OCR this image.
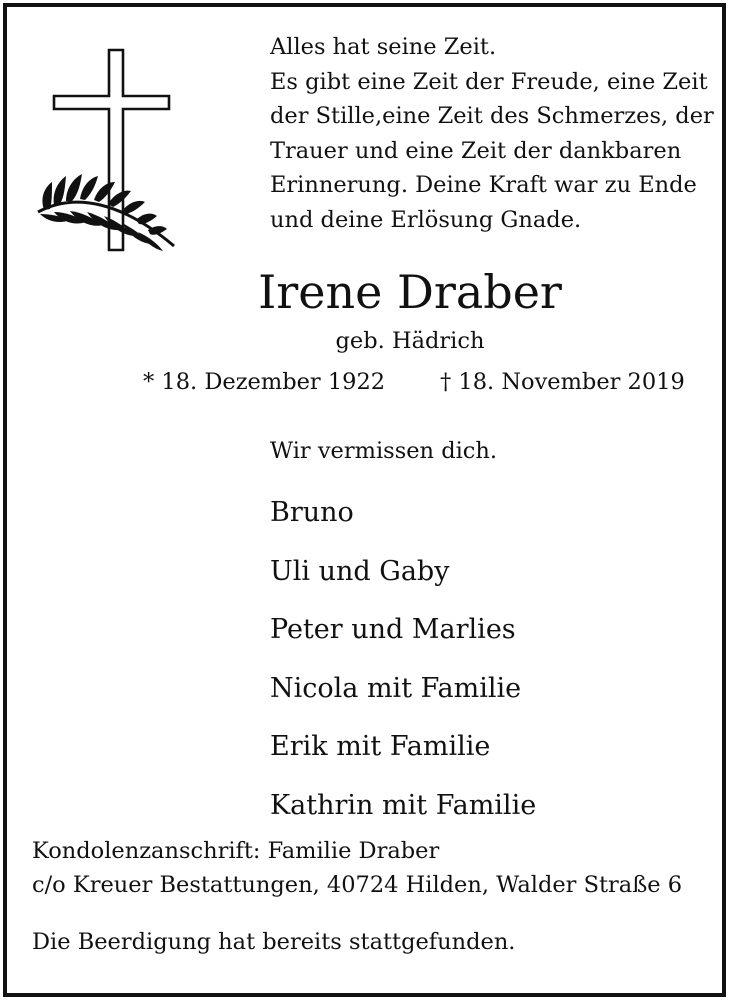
Alles hat seine Zeit.
Es gibt eine Zeit der Freude, eine Zeit
der Stille,eine Zeit des Schmerzes, der
Trauer und eine Zeit der dankbaren
Erinnerung. Deine Kraft war zu Ende
und deine Erlösung Gnade.
Irene Draber
geb. Hädrich
* 18. Dezember 1922 † 18. November 2019
Wir vermissen dich.
Bruno
Uli und Gaby
Peter und Marlies
Nicola mit Familie
Erik mit Familie
Kathrin mit Familie
Kondolenzanschrift: Familie Draber
c/o Kreuer Bestattungen, 40724 Hilden, Walder Straße 6
Die Beerdigung hat bereits stattgefunden.
